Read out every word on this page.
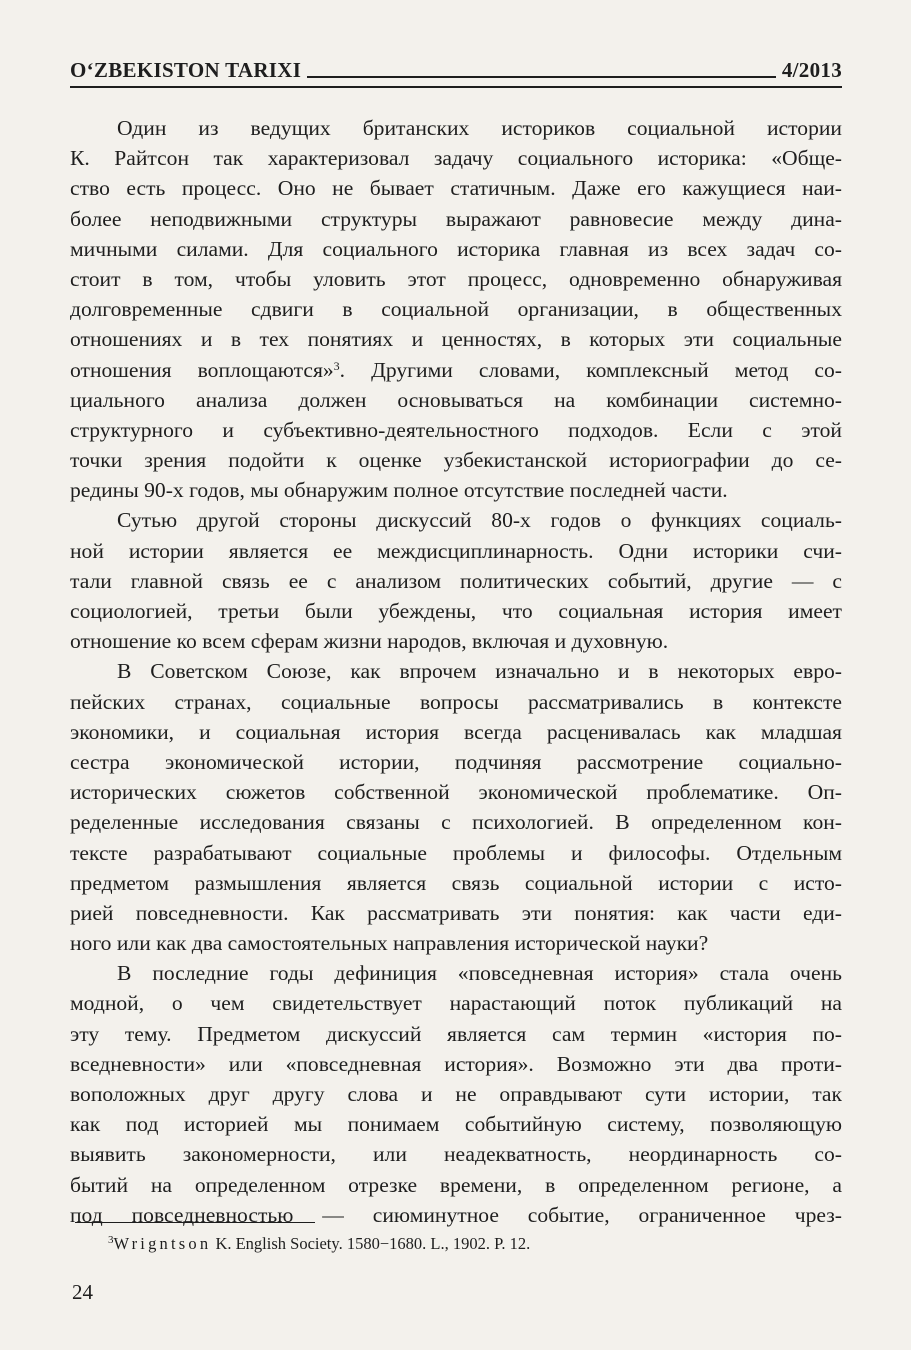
O‘ZBEKISTON TARIXI	4/2013
Один из ведущих британских историков социальной истории
К. Райтсон так характеризовал задачу социального историка: «Обще-
ство есть процесс. Оно не бывает статичным. Даже его кажущиеся наи-
более неподвижными структуры выражают равновесие между дина-
мичными силами. Для социального историка главная из всех задач со-
стоит в том, чтобы уловить этот процесс, одновременно обнаруживая
долговременные сдвиги в социальной организации, в общественных
отношениях и в тех понятиях и ценностях, в которых эти социальные
отношения воплощаются»$^3$. Другими словами, комплексный метод со-
циального анализа должен основываться на комбинации системно-
структурного и субъективно-деятельностного подходов. Если с этой
точки зрения подойти к оценке узбекистанской историографии до се-
редины 90-х годов, мы обнаружим полное отсутствие последней части.
Сутью другой стороны дискуссий 80-х годов о функциях социаль-
ной истории является ее междисциплинарность. Одни историки счи-
тали главной связь ее с анализом политических событий, другие — с
социологией, третьи были убеждены, что социальная история имеет
отношение ко всем сферам жизни народов, включая и духовную.
В Советском Союзе, как впрочем изначально и в некоторых евро-
пейских странах, социальные вопросы рассматривались в контексте
экономики, и социальная история всегда расценивалась как младшая
сестра экономической истории, подчиняя рассмотрение социально-
исторических сюжетов собственной экономической проблематике. Оп-
ределенные исследования связаны с психологией. В определенном кон-
тексте разрабатывают социальные проблемы и философы. Отдельным
предметом размышления является связь социальной истории с исто-
рией повседневности. Как рассматривать эти понятия: как части еди-
ного или как два самостоятельных направления исторической науки?
В последние годы дефиниция «повседневная история» стала очень
модной, о чем свидетельствует нарастающий поток публикаций на
эту тему. Предметом дискуссий является сам термин «история по-
вседневности» или «повседневная история». Возможно эти два проти-
воположных друг другу слова и не оправдывают сути истории, так
как под историей мы понимаем событийную систему, позволяющую
выявить закономерности, или неадекватность, неординарность со-
бытий на определенном отрезке времени, в определенном регионе, а
под повседневностью — сиюминутное событие, ограниченное чрез-
$^3$Wrigntson K. English Society. 1580−1680. L., 1902. P. 12.
24
